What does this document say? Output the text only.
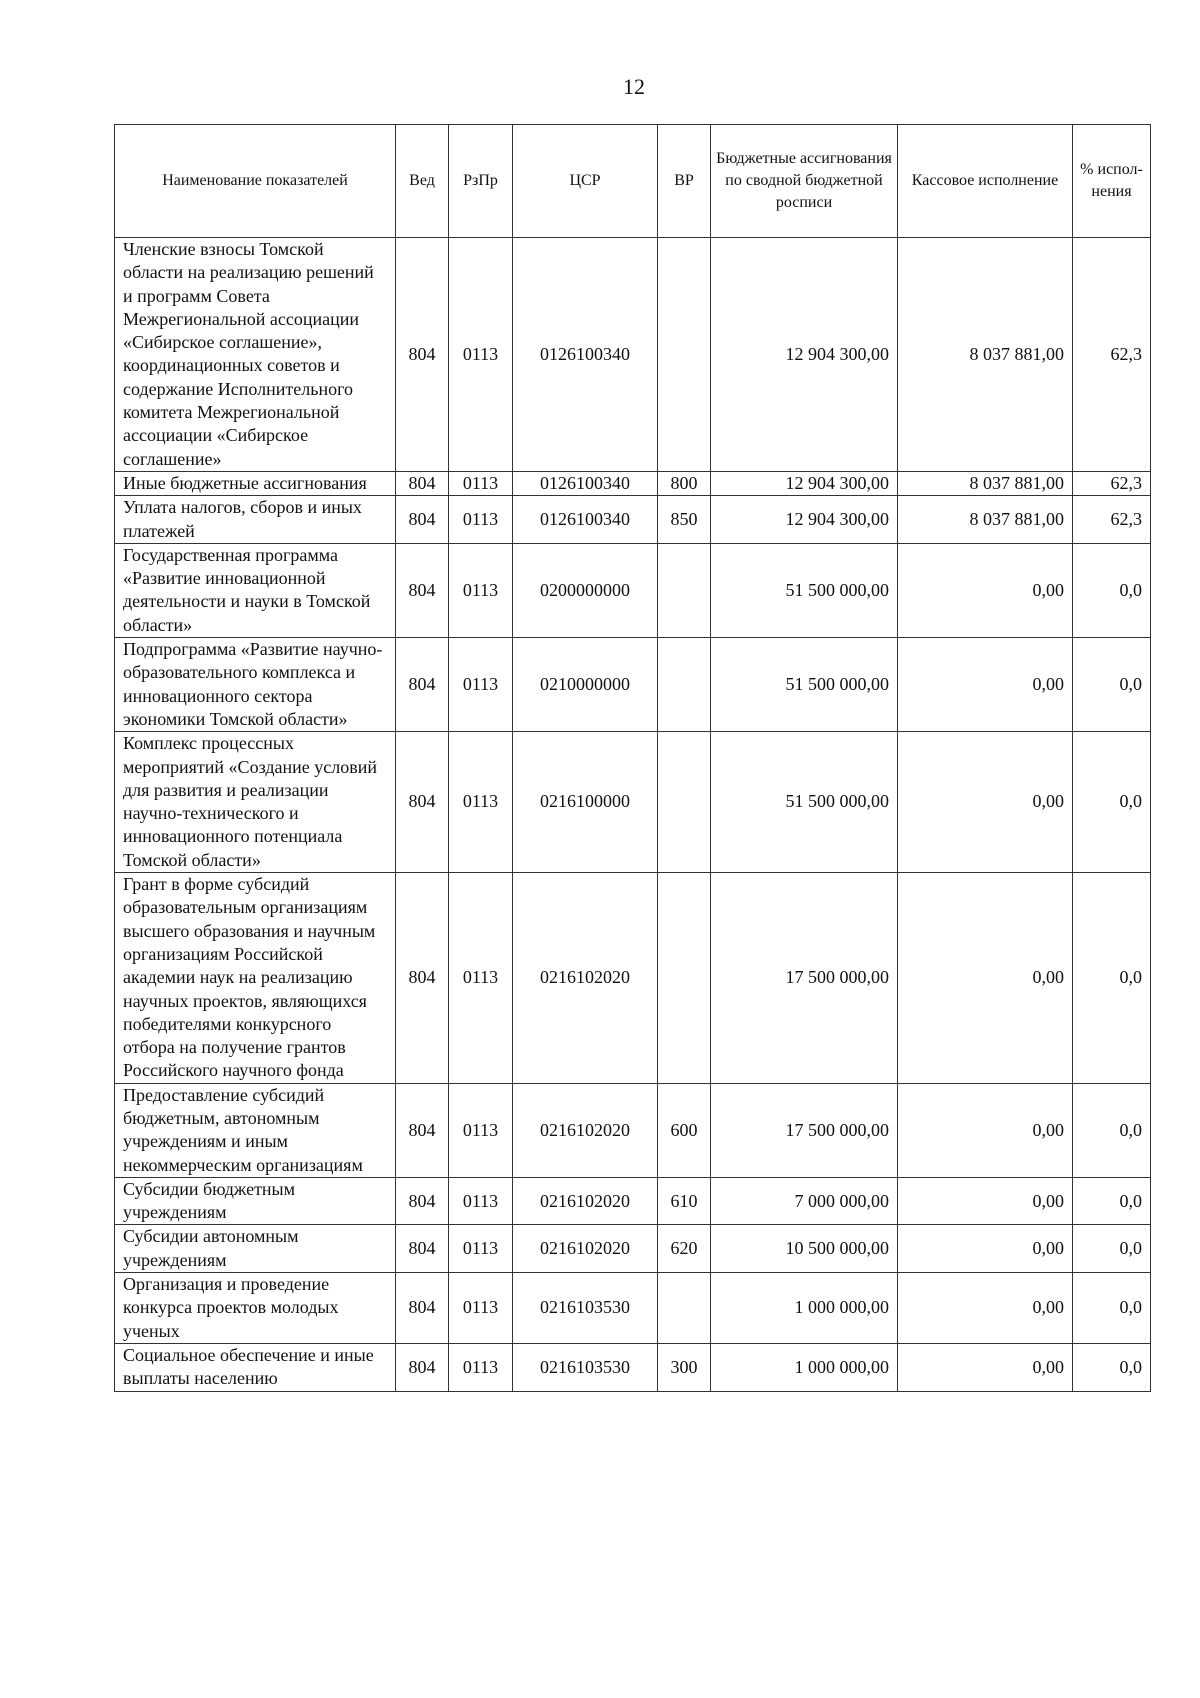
12
Наименование показателей	Вед	РзПр	ЦСР	ВР	Бюджетные ассигнования по сводной бюджетной росписи	Кассовое исполнение	% испол-нения
Членские взносы Томской области на реализацию решений и программ Совета Межрегиональной ассоциации «Сибирское соглашение», координационных советов и содержание Исполнительного комитета Межрегиональной ассоциации «Сибирское соглашение»	804	0113	0126100340		12 904 300,00	8 037 881,00	62,3
Иные бюджетные ассигнования	804	0113	0126100340	800	12 904 300,00	8 037 881,00	62,3
Уплата налогов, сборов и иных платежей	804	0113	0126100340	850	12 904 300,00	8 037 881,00	62,3
Государственная программа «Развитие инновационной деятельности и науки в Томской области»	804	0113	0200000000		51 500 000,00	0,00	0,0
Подпрограмма «Развитие научно-образовательного комплекса и инновационного сектора экономики Томской области»	804	0113	0210000000		51 500 000,00	0,00	0,0
Комплекс процессных мероприятий «Создание условий для развития и реализации научно-технического и инновационного потенциала Томской области»	804	0113	0216100000		51 500 000,00	0,00	0,0
Грант в форме субсидий образовательным организациям высшего образования и научным организациям Российской академии наук на реализацию научных проектов, являющихся победителями конкурсного отбора на получение грантов Российского научного фонда	804	0113	0216102020		17 500 000,00	0,00	0,0
Предоставление субсидий бюджетным, автономным учреждениям и иным некоммерческим организациям	804	0113	0216102020	600	17 500 000,00	0,00	0,0
Субсидии бюджетным учреждениям	804	0113	0216102020	610	7 000 000,00	0,00	0,0
Субсидии автономным учреждениям	804	0113	0216102020	620	10 500 000,00	0,00	0,0
Организация и проведение конкурса проектов молодых ученых	804	0113	0216103530		1 000 000,00	0,00	0,0
Социальное обеспечение и иные выплаты населению	804	0113	0216103530	300	1 000 000,00	0,00	0,0
